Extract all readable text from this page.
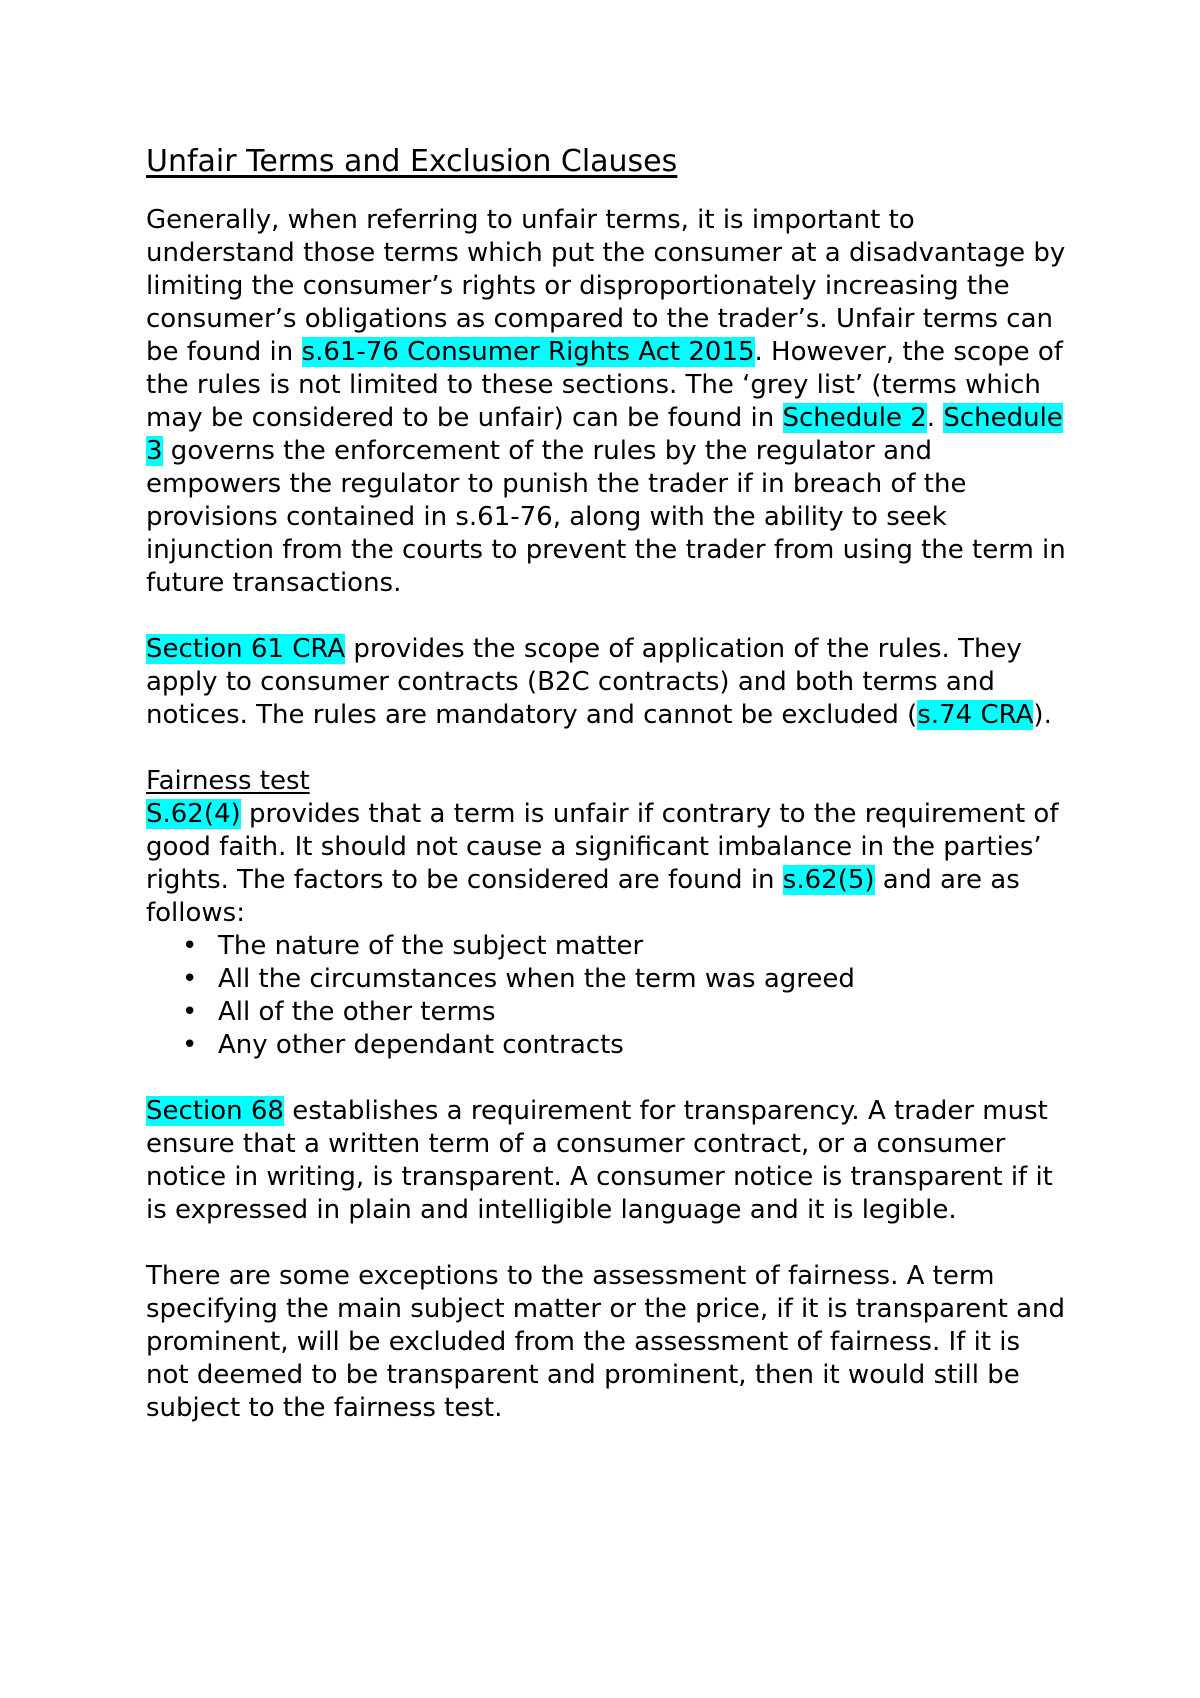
Unfair Terms and Exclusion Clauses

Generally, when referring to unfair terms, it is important to understand those terms which put the consumer at a disadvantage by limiting the consumer’s rights or disproportionately increasing the consumer’s obligations as compared to the trader’s. Unfair terms can be found in s.61-76 Consumer Rights Act 2015. However, the scope of the rules is not limited to these sections. The ‘grey list’ (terms which may be considered to be unfair) can be found in Schedule 2. Schedule 3 governs the enforcement of the rules by the regulator and empowers the regulator to punish the trader if in breach of the provisions contained in s.61-76, along with the ability to seek injunction from the courts to prevent the trader from using the term in future transactions.

Section 61 CRA provides the scope of application of the rules. They apply to consumer contracts (B2C contracts) and both terms and notices. The rules are mandatory and cannot be excluded (s.74 CRA).

Fairness test

S.62(4) provides that a term is unfair if contrary to the requirement of good faith. It should not cause a significant imbalance in the parties’ rights. The factors to be considered are found in s.62(5) and are as follows:

• The nature of the subject matter
• All the circumstances when the term was agreed
• All of the other terms
• Any other dependant contracts

Section 68 establishes a requirement for transparency. A trader must ensure that a written term of a consumer contract, or a consumer notice in writing, is transparent. A consumer notice is transparent if it is expressed in plain and intelligible language and it is legible.

There are some exceptions to the assessment of fairness. A term specifying the main subject matter or the price, if it is transparent and prominent, will be excluded from the assessment of fairness. If it is not deemed to be transparent and prominent, then it would still be subject to the fairness test.
